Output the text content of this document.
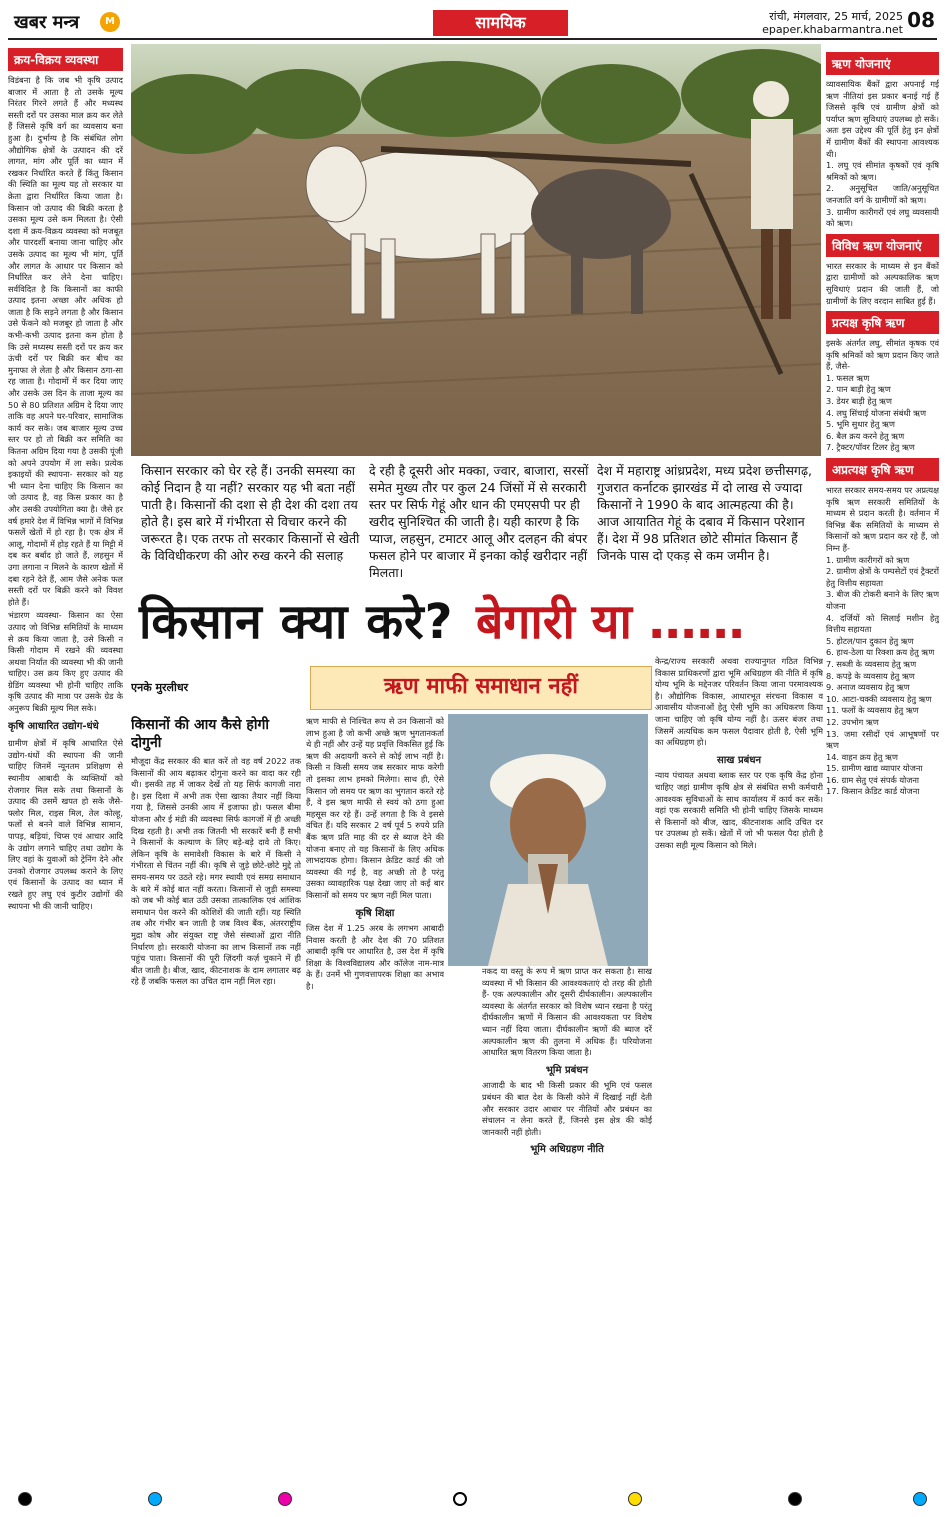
खबर मन्त्र	M	सामयिक	रांची, मंगलवार, 25 मार्च, 2025
epaper.khabarmantra.net 08
क्रय-विक्रय व्यवस्था

विडंबना है कि जब भी कृषि उत्पाद बाजार में आता है तो उसके मूल्य निरंतर गिरने लगते हैं और मध्यस्थ सस्ती दरों पर उसका माल क्रय कर लेते हैं जिससे कृषि वर्ग का व्यवसाय बना हुआ है। दुर्भाग्य है कि संबंधित लोग औद्योगिक क्षेत्रों के उत्पादन की दरें लागत, मांग और पूर्ति का ध्यान में रखकर निर्धारित करते हैं किंतु किसान की स्थिति का मूल्य यह तो सरकार या क्रेता द्वारा निर्धारित किया जाता है। किसान जो उत्पाद की बिक्री करता है उसका मूल्य उसे कम मिलता है। ऐसी दशा में क्रय-विक्रय व्यवस्था को मजबूत और पारदर्शी बनाया जाना चाहिए और उसके उत्पाद का मूल्य भी मांग, पूर्ति और लागत के आधार पर किसान को निर्धारित कर लेने देना चाहिए। सर्वविदित है कि किसानों का काफी उत्पाद इतना अच्छा और अधिक हो जाता है कि सड़ने लगता है और किसान उसे फेंकने को मजबूर हो जाता है और कभी-कभी उत्पाद इतना कम होता है कि उसे मध्यस्थ सस्ती दरों पर क्रय कर ऊंची दरों पर बिक्री कर बीच का मुनाफा ले लेता है और किसान ठगा-सा रह जाता है। गोदामों में कर दिया जाए और उसके उस दिन के ताजा मूल्य का 50 से 80 प्रतिशत अग्रिम दे दिया जाए ताकि वह अपने घर-परिवार, सामाजिक कार्य कर सके। जब बाजार मूल्य उच्च स्तर पर हो तो बिक्री कर समिति का कितना अग्रिम दिया गया है उसकी पूंजी को अपने उपयोग में ला सके। प्रत्येक इकाइयों की स्थापना- सरकार को यह भी ध्यान देना चाहिए कि किसान का जो उत्पाद है, वह किस प्रकार का है और उसकी उपयोगिता क्या है। जैसे हर वर्ष हमारे देश में विभिन्न भागों में विभिन्न फसलें खेतों में हो रहा है। एक क्षेत्र में आलू, गोदामों में होड़ रहते हैं या मिट्टी में दब कर बर्बाद हो जाते हैं, लहसुन में उगा लगाना न मिलने के कारण खेतों में दबा रहने देते हैं, आम जैसे अनेक फल सस्ती दरों पर बिक्री करने को विवश होते हैं।

भंडारण व्यवस्था- किसान का ऐसा उत्पाद जो विभिन्न समितियों के माध्यम से क्रय किया जाता है, उसे किसी न किसी गोदाम में रखने की व्यवस्था अथवा निर्यात की व्यवस्था भी की जानी चाहिए। उस क्रय किए हुए उत्पाद की ग्रेडिंग व्यवस्था भी होनी चाहिए ताकि कृषि उत्पाद की मात्रा पर उसके ग्रेड के अनुरूप बिक्री मूल्य मिल सके।

कृषि आधारित उद्योग-धंधे

ग्रामीण क्षेत्रों में कृषि आधारित ऐसे उद्योग-धंधों की स्थापना की जानी चाहिए जिनमें न्यूनतम प्रशिक्षण से स्थानीय आबादी के व्यक्तियों को रोजगार मिल सके तथा किसानों के उत्पाद की उसमें खपत हो सके जैसे- फ्लोर मिल, राइस मिल, तेल कोल्हू, फलों से बनने वाले विभिन्न सामान, पापड़, बड़ियां, चिप्स एवं आचार आदि के उद्योग लगाने चाहिए तथा उद्योग के लिए वहां के युवाओं को ट्रेनिंग देने और उनको रोजगार उपलब्ध कराने के लिए एवं किसानों के उत्पाद का ध्यान में रखते हुए लघु एवं कुटीर उद्योगों की स्थापना भी की जानी चाहिए।

किसान सरकार को घेर रहे हैं। उनकी समस्या का कोई निदान है या नहीं? सरकार यह भी बता नहीं पाती है। किसानों की दशा से ही देश की दशा तय होते है। इस बारे में गंभीरता से विचार करने की जरूरत है। एक तरफ तो सरकार किसानों से खेती के विविधीकरण की ओर रुख करने की सलाह
दे रही है दूसरी ओर मक्का, ज्वार, बाजारा, सरसों समेत मुख्य तौर पर कुल 24 जिंसों में से सरकारी स्तर पर सिर्फ गेहूं और धान की एमएसपी पर ही खरीद सुनिश्चित की जाती है। यही कारण है कि प्याज, लहसुन, टमाटर आलू और दलहन की बंपर फसल होने पर बाजार में इनका कोई खरीदार नहीं मिलता।
देश में महाराष्ट्र आंध्रप्रदेश, मध्य प्रदेश छत्तीसगढ़, गुजरात कर्नाटक झारखंड में दो लाख से ज्यादा किसानों ने 1990 के बाद आत्महत्या की है। आज आयातित गेहूं के दबाव में किसान परेशान हैं। देश में 98 प्रतिशत छोटे सीमांत किसान हैं जिनके पास दो एकड़ से कम जमीन है।
किसान क्या करे? बेगारी या ……
एनके मुरलीधर
किसानों की आय कैसे होगी दोगुनी
मौजूदा केंद्र सरकार की बात करें तो वह वर्ष 2022 तक किसानों की आय बढ़ाकर दोगुना करने का वादा कर रही थी। इसकी तह में जाकर देखें तो यह सिर्फ कागजी नारा है। इस दिशा में अभी तक ऐसा खाका तैयार नहीं किया गया है, जिससे उनकी आय में इजाफा हो। फसल बीमा योजना और ई मंडी की व्यवस्था सिर्फ कागजों में ही अच्छी दिख रहती है। अभी तक जितनी भी सरकारें बनी हैं सभी ने किसानों के कल्याण के लिए बड़े-बड़े दावे तो किए। लेकिन कृषि के समावेशी विकास के बारे में किसी ने गंभीरता से चिंतन नहीं की। कृषि से जुड़े छोटे-छोटे मुद्दे तो समय-समय पर उठते रहे। मगर स्थायी एवं समग्र समाधान के बारे में कोई बात नहीं करता। किसानों से जुड़ी समस्या को जब भी कोई बात उठी उसका तात्कालिक एवं आंशिक समाधान पेश करने की कोशिशें की जाती रहीं। यह स्थिति तब और गंभीर बन जाती है जब विश्व बैंक, अंतरराष्ट्रीय मुद्रा कोष और संयुक्त राष्ट्र जैसे संस्थाओं द्वारा नीति निर्धारण हो। सरकारी योजना का लाभ किसानों तक नहीं पहुंच पाता। किसानों की पूरी ज़िंदगी कर्ज़ चुकाने में ही बीत जाती है। बीज, खाद, कीटनाशक के दाम लगातार बढ़ रहे हैं जबकि फसल का उचित दाम नहीं मिल रहा।
ऋण माफी समाधान नहीं

ऋण माफी से निश्चित रूप से उन किसानों को लाभ हुआ है जो कभी अच्छे ऋण भुगतानकर्ता थे ही नहीं और उन्हें यह प्रवृत्ति विकसित हुई कि ऋण की अदायगी करने से कोई लाभ नहीं है। किसी न किसी समय जब सरकार माफ करेगी तो इसका लाभ हमको मिलेगा। साथ ही, ऐसे किसान जो समय पर ऋण का भुगतान करते रहे हैं, वे इस ऋण माफी से स्वयं को ठगा हुआ महसूस कर रहे हैं। उन्हें लगता है कि वे इससे वंचित हैं। यदि सरकार 2 वर्ष पूर्व 5 रुपये प्रति बैंक ऋण प्रति माह की दर से ब्याज देने की योजना बनाए तो यह किसानों के लिए अधिक लाभदायक होगा। किसान क्रेडिट कार्ड की जो व्यवस्था की गई है, वह अच्छी तो है परंतु उसका व्यावहारिक पक्ष देखा जाए तो कई बार किसानों को समय पर ऋण नहीं मिल पाता।

कृषि शिक्षा

जिस देश में 1.25 अरब के लगभग आबादी निवास करती है और देश की 70 प्रतिशत आबादी कृषि पर आधारित है, उस देश में कृषि शिक्षा के विश्वविद्यालय और कॉलेज नाम-मात्र के हैं। उनमें भी गुणवत्तापरक शिक्षा का अभाव है।

नकद या वस्तु के रूप में ऋण प्राप्त कर सकता है। साख व्यवस्था में भी किसान की आवश्यकताएं दो तरह की होती हैं- एक अल्पकालीन और दूसरी दीर्घकालीन। अल्पकालीन व्यवस्था के अंतर्गत सरकार को विशेष ध्यान रखना है परंतु दीर्घकालीन ऋणों में किसान की आवश्यकता पर विशेष ध्यान नहीं दिया जाता। दीर्घकालीन ऋणों की ब्याज दरें अल्पकालीन ऋण की तुलना में अधिक हैं। परियोजना आधारित ऋण वितरण किया जाता है।

भूमि प्रबंधन

आजादी के बाद भी किसी प्रकार की भूमि एवं फसल प्रबंधन की बात देश के किसी कोने में दिखाई नहीं देती और सरकार उदार आधार पर नीतियों और प्रबंधन का संचालन न लेना करते हैं, जिनसे इस क्षेत्र की कोई जानकारी नहीं होती।

भूमि अधिग्रहण नीति

केन्द्र/राज्य सरकारी अथवा राज्यानुगत गठित विभिन्न विकास प्राधिकरणों द्वारा भूमि अधिग्रहण की नीति में कृषि योग्य भूमि के मद्देनजर परिवर्तन किया जाना परमावश्यक है। औद्योगिक विकास, आधारभूत संरचना विकास व आवासीय योजनाओं हेतु ऐसी भूमि का अधिकरण किया जाना चाहिए जो कृषि योग्य नहीं है। ऊसर बंजर तथा जिसमें अत्यधिक कम फसल पैदावार होती है, ऐसी भूमि का अधिग्रहण हो।

साख प्रबंधन

न्याय पंचायत अथवा ब्लाक स्तर पर एक कृषि केंद्र होना चाहिए जहां ग्रामीण कृषि क्षेत्र से संबंधित सभी कर्मचारी आवश्यक सुविधाओं के साथ कार्यालय में कार्य कर सकें। वहां एक सरकारी समिति भी होनी चाहिए जिसके माध्यम से किसानों को बीज, खाद, कीटनाशक आदि उचित दर पर उपलब्ध हो सकें। खेतों में जो भी फसल पैदा होती है उसका सही मूल्य किसान को मिले।

ऋण योजनाएं
व्यावसायिक बैंकों द्वारा अपनाई गई ऋण नीतियां इस प्रकार बनाई गई हैं जिससे कृषि एवं ग्रामीण क्षेत्रों को पर्याप्त ऋण सुविधाएं उपलब्ध हो सकें। अतः इस उद्देश्य की पूर्ति हेतु इन क्षेत्रों में ग्रामीण बैंकों की स्थापना आवश्यक थी।
1. लघु एवं सीमांत कृषकों एवं कृषि श्रमिकों को ऋण।
2. अनुसूचित जाति/अनुसूचित जनजाति वर्ग के ग्रामीणों को ऋण।
3. ग्रामीण कारीगरों एवं लघु व्यवसायी को ऋण।
विविध ऋण योजनाएं
भारत सरकार के माध्यम से इन बैंकों द्वारा ग्रामीणों को अल्पकालिक ऋण सुविधाएं प्रदान की जाती हैं, जो ग्रामीणों के लिए वरदान साबित हुई हैं।
प्रत्यक्ष कृषि ऋण
इसके अंतर्गत लघु, सीमांत कृषक एवं कृषि श्रमिकों को ऋण प्रदान किए जाते हैं, जैसे-
1. फसल ऋण
2. पान बाड़ी हेतु ऋण
3. डेयर बाड़ी हेतु ऋण
4. लघु सिंचाई योजना संबंधी ऋण
5. भूमि सुधार हेतु ऋण
6. बैल क्रय करने हेतु ऋण
7. ट्रैक्टर/पॉवर टिलर हेतु ऋण
अप्रत्यक्ष कृषि ऋण
भारत सरकार समय-समय पर अप्रत्यक्ष कृषि ऋण सरकारी समितियों के माध्यम से प्रदान करती है। वर्तमान में विभिन्न बैंक समितियों के माध्यम से किसानों को ऋण प्रदान कर रहे हैं, जो निम्न हैं-
1. ग्रामीण कारीगरों को ऋण
2. ग्रामीण क्षेत्रों के पम्पसेटों एवं ट्रैक्टरों हेतु वित्तीय सहायता
3. बीज की टोकरी बनाने के लिए ऋण योजना
4. दर्जियों को सिलाई मशीन हेतु वित्तीय सहायता
5. होटल/पान दुकान हेतु ऋण
6. हाथ-ठेला या रिक्शा क्रय हेतु ऋण
7. सब्जी के व्यवसाय हेतु ऋण
8. कपड़े के व्यवसाय हेतु ऋण
9. अनाज व्यवसाय हेतु ऋण
10. आटा-चक्की व्यवसाय हेतु ऋण
11. फलों के व्यवसाय हेतु ऋण
12. उपभोग ऋण
13. जमा रसीदों एवं आभूषणों पर ऋण
14. वाहन क्रय हेतु ऋण
15. ग्रामीण खाद्य व्यापार योजना
16. ग्राम सेतु एवं संपर्क योजना
17. किसान क्रेडिट कार्ड योजना
